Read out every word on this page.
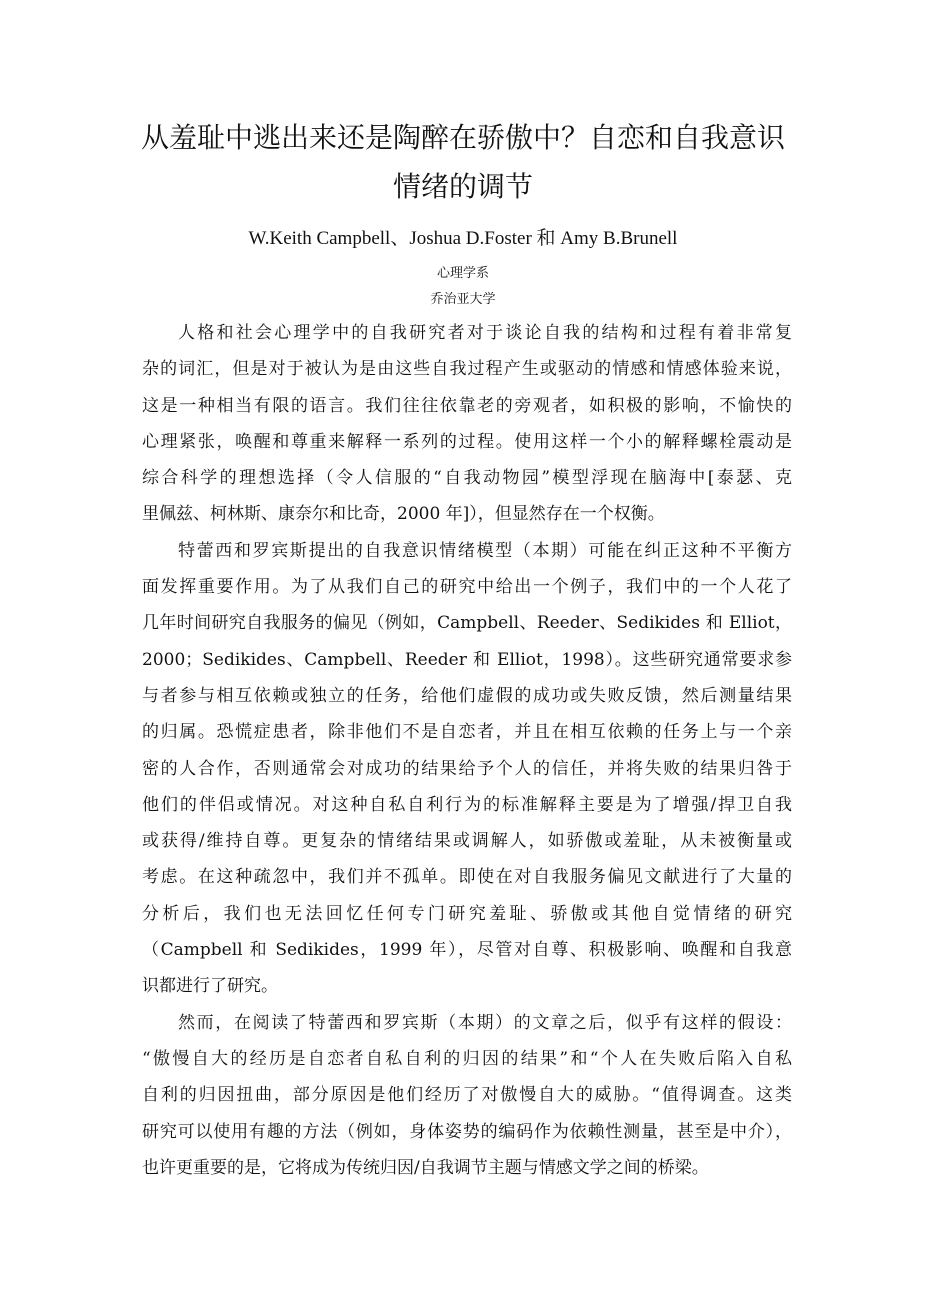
从羞耻中逃出来还是陶醉在骄傲中？自恋和自我意识
情绪的调节
W.Keith Campbell、Joshua D.Foster 和 Amy B.Brunell
心理学系
乔治亚大学
人格和社会心理学中的自我研究者对于谈论自我的结构和过程有着非常复
杂的词汇，但是对于被认为是由这些自我过程产生或驱动的情感和情感体验来说，
这是一种相当有限的语言。我们往往依靠老的旁观者，如积极的影响，不愉快的
心理紧张，唤醒和尊重来解释一系列的过程。使用这样一个小的解释螺栓震动是
综合科学的理想选择（令人信服的“自我动物园”模型浮现在脑海中[泰瑟、克
里佩兹、柯林斯、康奈尔和比奇，2000 年]），但显然存在一个权衡。
特蕾西和罗宾斯提出的自我意识情绪模型（本期）可能在纠正这种不平衡方
面发挥重要作用。为了从我们自己的研究中给出一个例子，我们中的一个人花了
几年时间研究自我服务的偏见（例如，Campbell、Reeder、Sedikides 和 Elliot，
2000；Sedikides、Campbell、Reeder 和 Elliot，1998）。这些研究通常要求参
与者参与相互依赖或独立的任务，给他们虚假的成功或失败反馈，然后测量结果
的归属。恐慌症患者，除非他们不是自恋者，并且在相互依赖的任务上与一个亲
密的人合作，否则通常会对成功的结果给予个人的信任，并将失败的结果归咎于
他们的伴侣或情况。对这种自私自利行为的标准解释主要是为了增强/捍卫自我
或获得/维持自尊。更复杂的情绪结果或调解人，如骄傲或羞耻，从未被衡量或
考虑。在这种疏忽中，我们并不孤单。即使在对自我服务偏见文献进行了大量的
分析后，我们也无法回忆任何专门研究羞耻、骄傲或其他自觉情绪的研究
（Campbell 和 Sedikides，1999 年），尽管对自尊、积极影响、唤醒和自我意
识都进行了研究。
然而，在阅读了特蕾西和罗宾斯（本期）的文章之后，似乎有这样的假设：
“傲慢自大的经历是自恋者自私自利的归因的结果”和“个人在失败后陷入自私
自利的归因扭曲，部分原因是他们经历了对傲慢自大的威胁。“值得调查。这类
研究可以使用有趣的方法（例如，身体姿势的编码作为依赖性测量，甚至是中介），
也许更重要的是，它将成为传统归因/自我调节主题与情感文学之间的桥梁。
